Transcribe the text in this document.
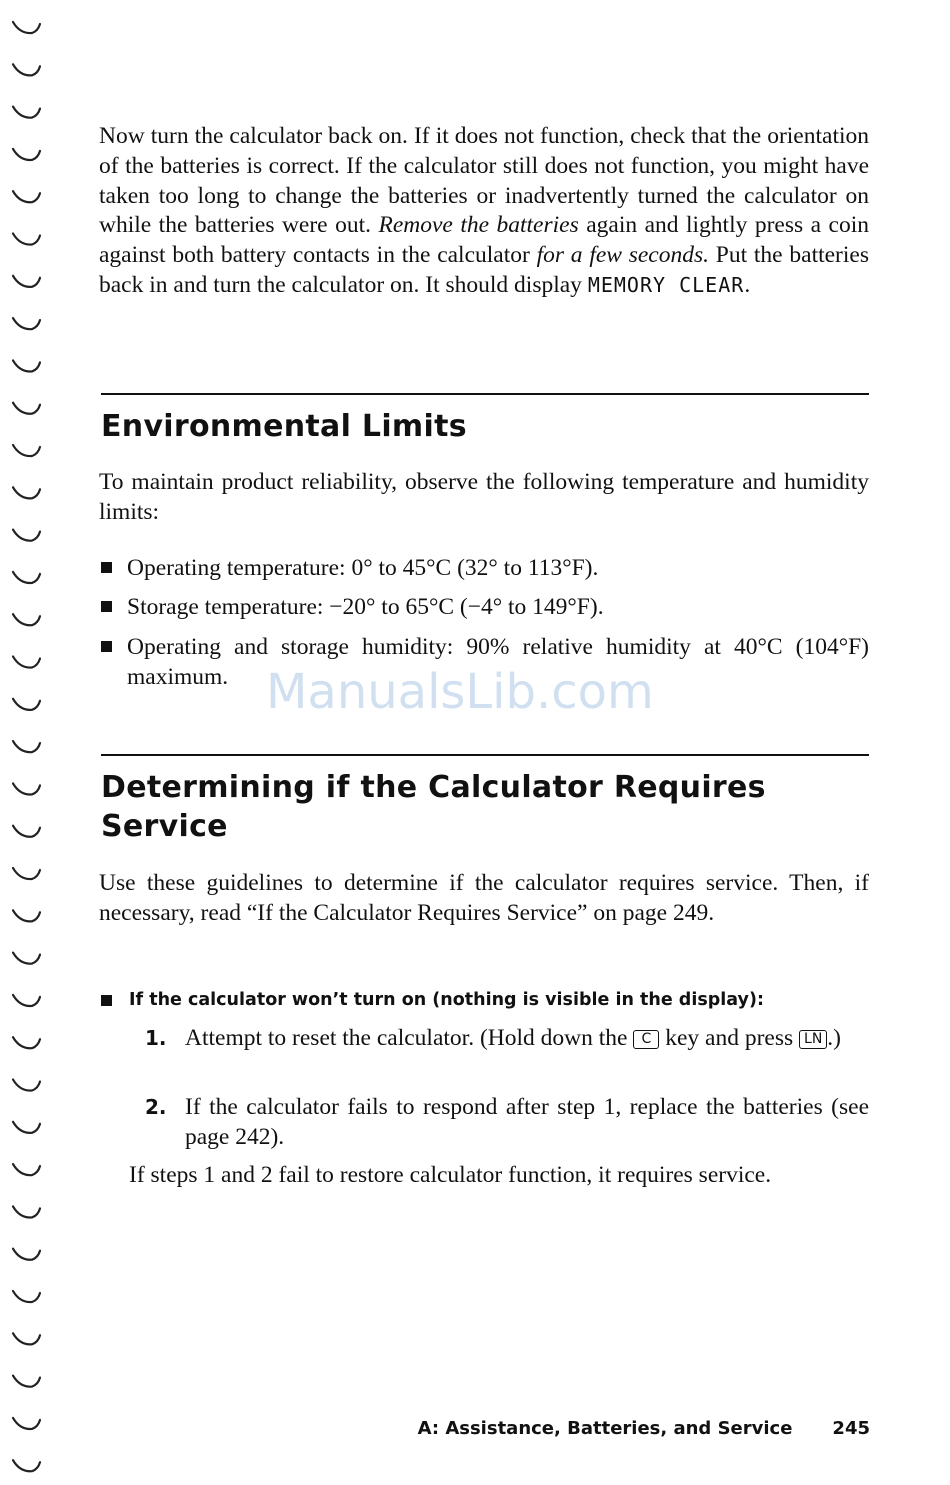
Now turn the calculator back on. If it does not function, check that the orientation of the batteries is correct. If the calculator still does not function, you might have taken too long to change the batteries or inadvertently turned the calculator on while the batteries were out. Remove the batteries again and lightly press a coin against both battery contacts in the calculator for a few seconds. Put the batteries back in and turn the calculator on. It should display MEMORY CLEAR.

Environmental Limits

To maintain product reliability, observe the following temperature and humidity limits:

Operating temperature: 0° to 45°C (32° to 113°F).
Storage temperature: −20° to 65°C (−4° to 149°F).
Operating and storage humidity: 90% relative humidity at 40°C (104°F) maximum.
Determining if the Calculator Requires Service

Use these guidelines to determine if the calculator requires service. Then, if necessary, read “If the Calculator Requires Service” on page 249.

If the calculator won’t turn on (nothing is visible in the display):
1. Attempt to reset the calculator. (Hold down the C key and press LN .)
2. If the calculator fails to respond after step 1, replace the batteries (see page 242).

If steps 1 and 2 fail to restore calculator function, it requires service.

ManualsLib.com
A: Assistance, Batteries, and Service 245
